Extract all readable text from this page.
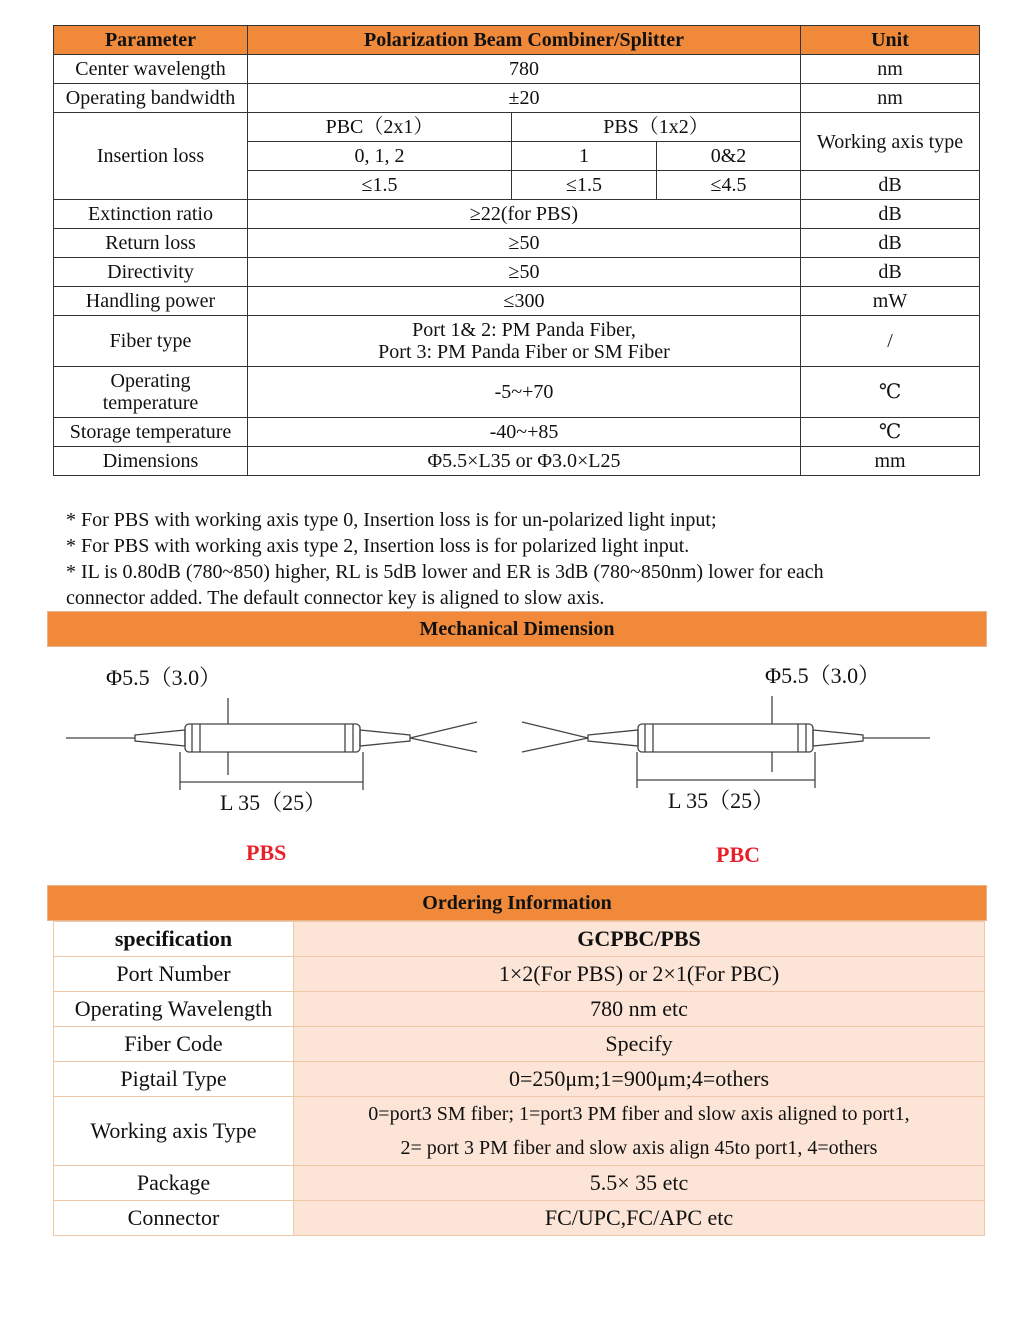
Parameter	Polarization Beam Combiner/Splitter			Unit
Center wavelength	780			nm
Operating bandwidth	±20			nm
Insertion loss	PBC（2x1）	PBS（1x2）		Working axis type
	0, 1, 2	1	0&2	
	≤1.5	≤1.5	≤4.5	dB
Extinction ratio	≥22(for PBS)			dB
Return loss	≥50			dB
Directivity	≥50			dB
Handling power	≤300			mW
Fiber type	Port 1& 2: PM Panda Fiber,
Port 3: PM Panda Fiber or SM Fiber			/

Operating
temperature	-5~+70			℃
Storage temperature	-40~+85			℃
Dimensions	Φ5.5×L35 or Φ3.0×L25			mm
* For PBS with working axis type 0, Insertion loss is for un-polarized light input;
* For PBS with working axis type 2, Insertion loss is for polarized light input.
* IL is 0.80dB (780~850) higher, RL is 5dB lower and ER is 3dB (780~850nm) lower for each
connector added. The default connector key is aligned to slow axis.
Mechanical Dimension
Φ5.5（3.0）
L 35（25）
PBS
Φ5.5（3.0）
L 35（25）
PBC
Ordering Information
specification	GCPBC/PBS
Port Number	1×2(For PBS) or 2×1(For PBC)
Operating Wavelength	780 nm etc
Fiber Code	Specify
Pigtail Type	0=250μm;1=900μm;4=others
Working axis Type	0=port3 SM fiber; 1=port3 PM fiber and slow axis aligned to port1,
2= port 3 PM fiber and slow axis align 45to port1, 4=others

Package	5.5× 35 etc
Connector	FC/UPC,FC/APC etc
